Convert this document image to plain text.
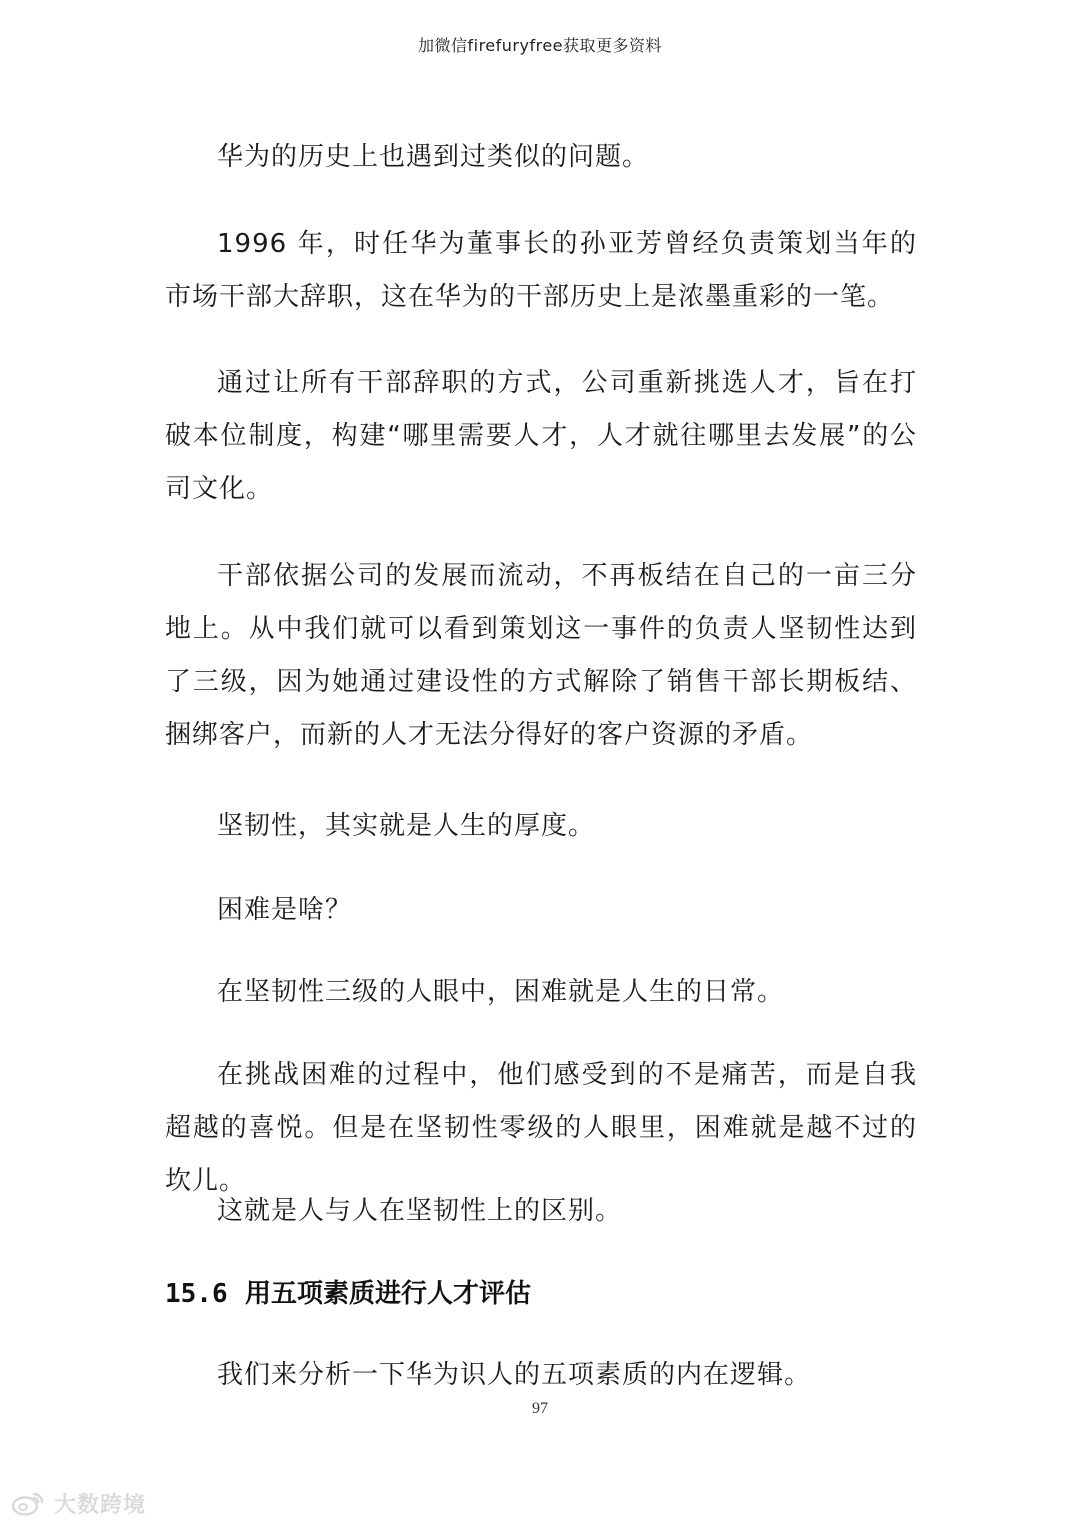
加微信firefuryfree获取更多资料

华为的历史上也遇到过类似的问题。

1996 年，时任华为董事长的孙亚芳曾经负责策划当年的市场干部大辞职，这在华为的干部历史上是浓墨重彩的一笔。

通过让所有干部辞职的方式，公司重新挑选人才，旨在打破本位制度，构建“哪里需要人才，人才就往哪里去发展”的公司文化。

干部依据公司的发展而流动，不再板结在自己的一亩三分地上。从中我们就可以看到策划这一事件的负责人坚韧性达到了三级，因为她通过建设性的方式解除了销售干部长期板结、捆绑客户，而新的人才无法分得好的客户资源的矛盾。

坚韧性，其实就是人生的厚度。

困难是啥？

在坚韧性三级的人眼中，困难就是人生的日常。

在挑战困难的过程中，他们感受到的不是痛苦，而是自我超越的喜悦。但是在坚韧性零级的人眼里，困难就是越不过的坎儿。

这就是人与人在坚韧性上的区别。

15.6 用五项素质进行人才评估

我们来分析一下华为识人的五项素质的内在逻辑。

97
大数跨境
